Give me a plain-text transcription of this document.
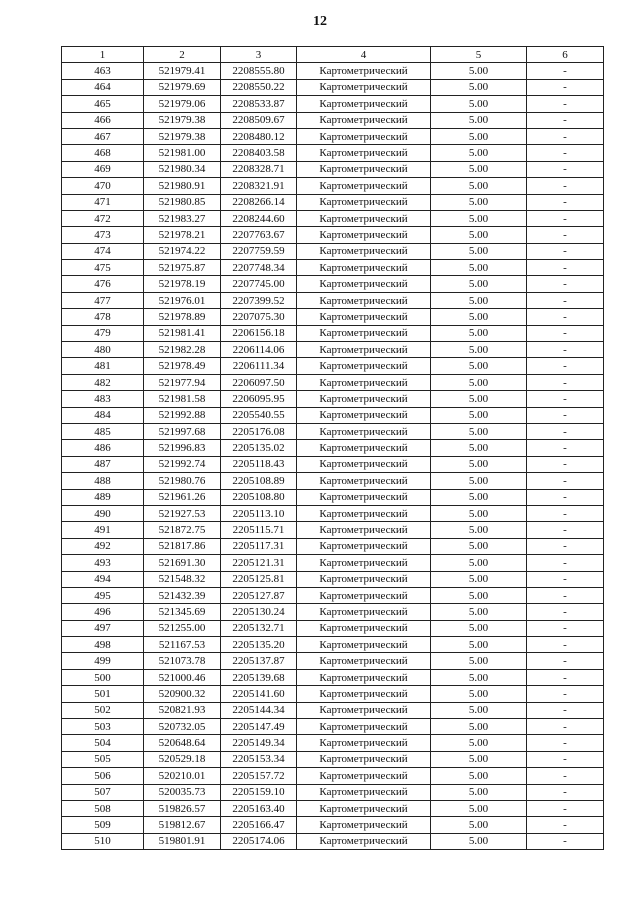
12
1	2	3	4	5	6
463	521979.41	2208555.80	Картометрический	5.00	-
464	521979.69	2208550.22	Картометрический	5.00	-
465	521979.06	2208533.87	Картометрический	5.00	-
466	521979.38	2208509.67	Картометрический	5.00	-
467	521979.38	2208480.12	Картометрический	5.00	-
468	521981.00	2208403.58	Картометрический	5.00	-
469	521980.34	2208328.71	Картометрический	5.00	-
470	521980.91	2208321.91	Картометрический	5.00	-
471	521980.85	2208266.14	Картометрический	5.00	-
472	521983.27	2208244.60	Картометрический	5.00	-
473	521978.21	2207763.67	Картометрический	5.00	-
474	521974.22	2207759.59	Картометрический	5.00	-
475	521975.87	2207748.34	Картометрический	5.00	-
476	521978.19	2207745.00	Картометрический	5.00	-
477	521976.01	2207399.52	Картометрический	5.00	-
478	521978.89	2207075.30	Картометрический	5.00	-
479	521981.41	2206156.18	Картометрический	5.00	-
480	521982.28	2206114.06	Картометрический	5.00	-
481	521978.49	2206111.34	Картометрический	5.00	-
482	521977.94	2206097.50	Картометрический	5.00	-
483	521981.58	2206095.95	Картометрический	5.00	-
484	521992.88	2205540.55	Картометрический	5.00	-
485	521997.68	2205176.08	Картометрический	5.00	-
486	521996.83	2205135.02	Картометрический	5.00	-
487	521992.74	2205118.43	Картометрический	5.00	-
488	521980.76	2205108.89	Картометрический	5.00	-
489	521961.26	2205108.80	Картометрический	5.00	-
490	521927.53	2205113.10	Картометрический	5.00	-
491	521872.75	2205115.71	Картометрический	5.00	-
492	521817.86	2205117.31	Картометрический	5.00	-
493	521691.30	2205121.31	Картометрический	5.00	-
494	521548.32	2205125.81	Картометрический	5.00	-
495	521432.39	2205127.87	Картометрический	5.00	-
496	521345.69	2205130.24	Картометрический	5.00	-
497	521255.00	2205132.71	Картометрический	5.00	-
498	521167.53	2205135.20	Картометрический	5.00	-
499	521073.78	2205137.87	Картометрический	5.00	-
500	521000.46	2205139.68	Картометрический	5.00	-
501	520900.32	2205141.60	Картометрический	5.00	-
502	520821.93	2205144.34	Картометрический	5.00	-
503	520732.05	2205147.49	Картометрический	5.00	-
504	520648.64	2205149.34	Картометрический	5.00	-
505	520529.18	2205153.34	Картометрический	5.00	-
506	520210.01	2205157.72	Картометрический	5.00	-
507	520035.73	2205159.10	Картометрический	5.00	-
508	519826.57	2205163.40	Картометрический	5.00	-
509	519812.67	2205166.47	Картометрический	5.00	-
510	519801.91	2205174.06	Картометрический	5.00	-
